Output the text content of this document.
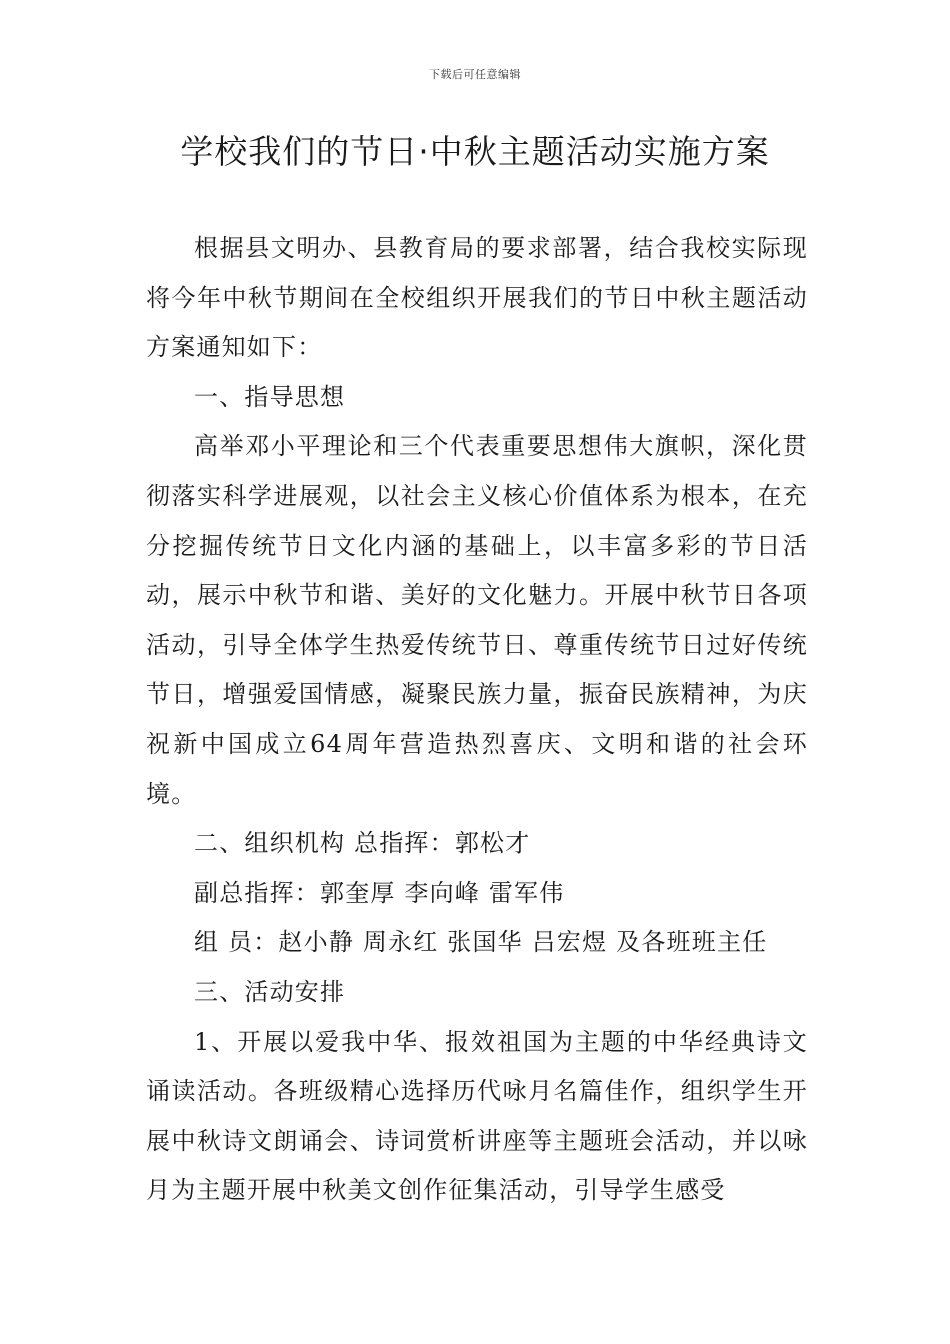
下载后可任意编辑
学校我们的节日·中秋主题活动实施方案

根据县文明办、县教育局的要求部署，结合我校实际现将今年中秋节期间在全校组织开展我们的节日中秋主题活动方案通知如下：

一、指导思想

高举邓小平理论和三个代表重要思想伟大旗帜，深化贯彻落实科学进展观，以社会主义核心价值体系为根本，在充分挖掘传统节日文化内涵的基础上，以丰富多彩的节日活动，展示中秋节和谐、美好的文化魅力。开展中秋节日各项活动，引导全体学生热爱传统节日、尊重传统节日过好传统节日，增强爱国情感，凝聚民族力量，振奋民族精神，为庆祝新中国成立64周年营造热烈喜庆、文明和谐的社会环境。

二、组织机构 总指挥：郭松才

副总指挥：郭奎厚 李向峰 雷军伟

组 员：赵小静 周永红 张国华 吕宏煜 及各班班主任

三、活动安排

1、开展以爱我中华、报效祖国为主题的中华经典诗文诵读活动。各班级精心选择历代咏月名篇佳作，组织学生开展中秋诗文朗诵会、诗词赏析讲座等主题班会活动，并以咏月为主题开展中秋美文创作征集活动，引导学生感受
